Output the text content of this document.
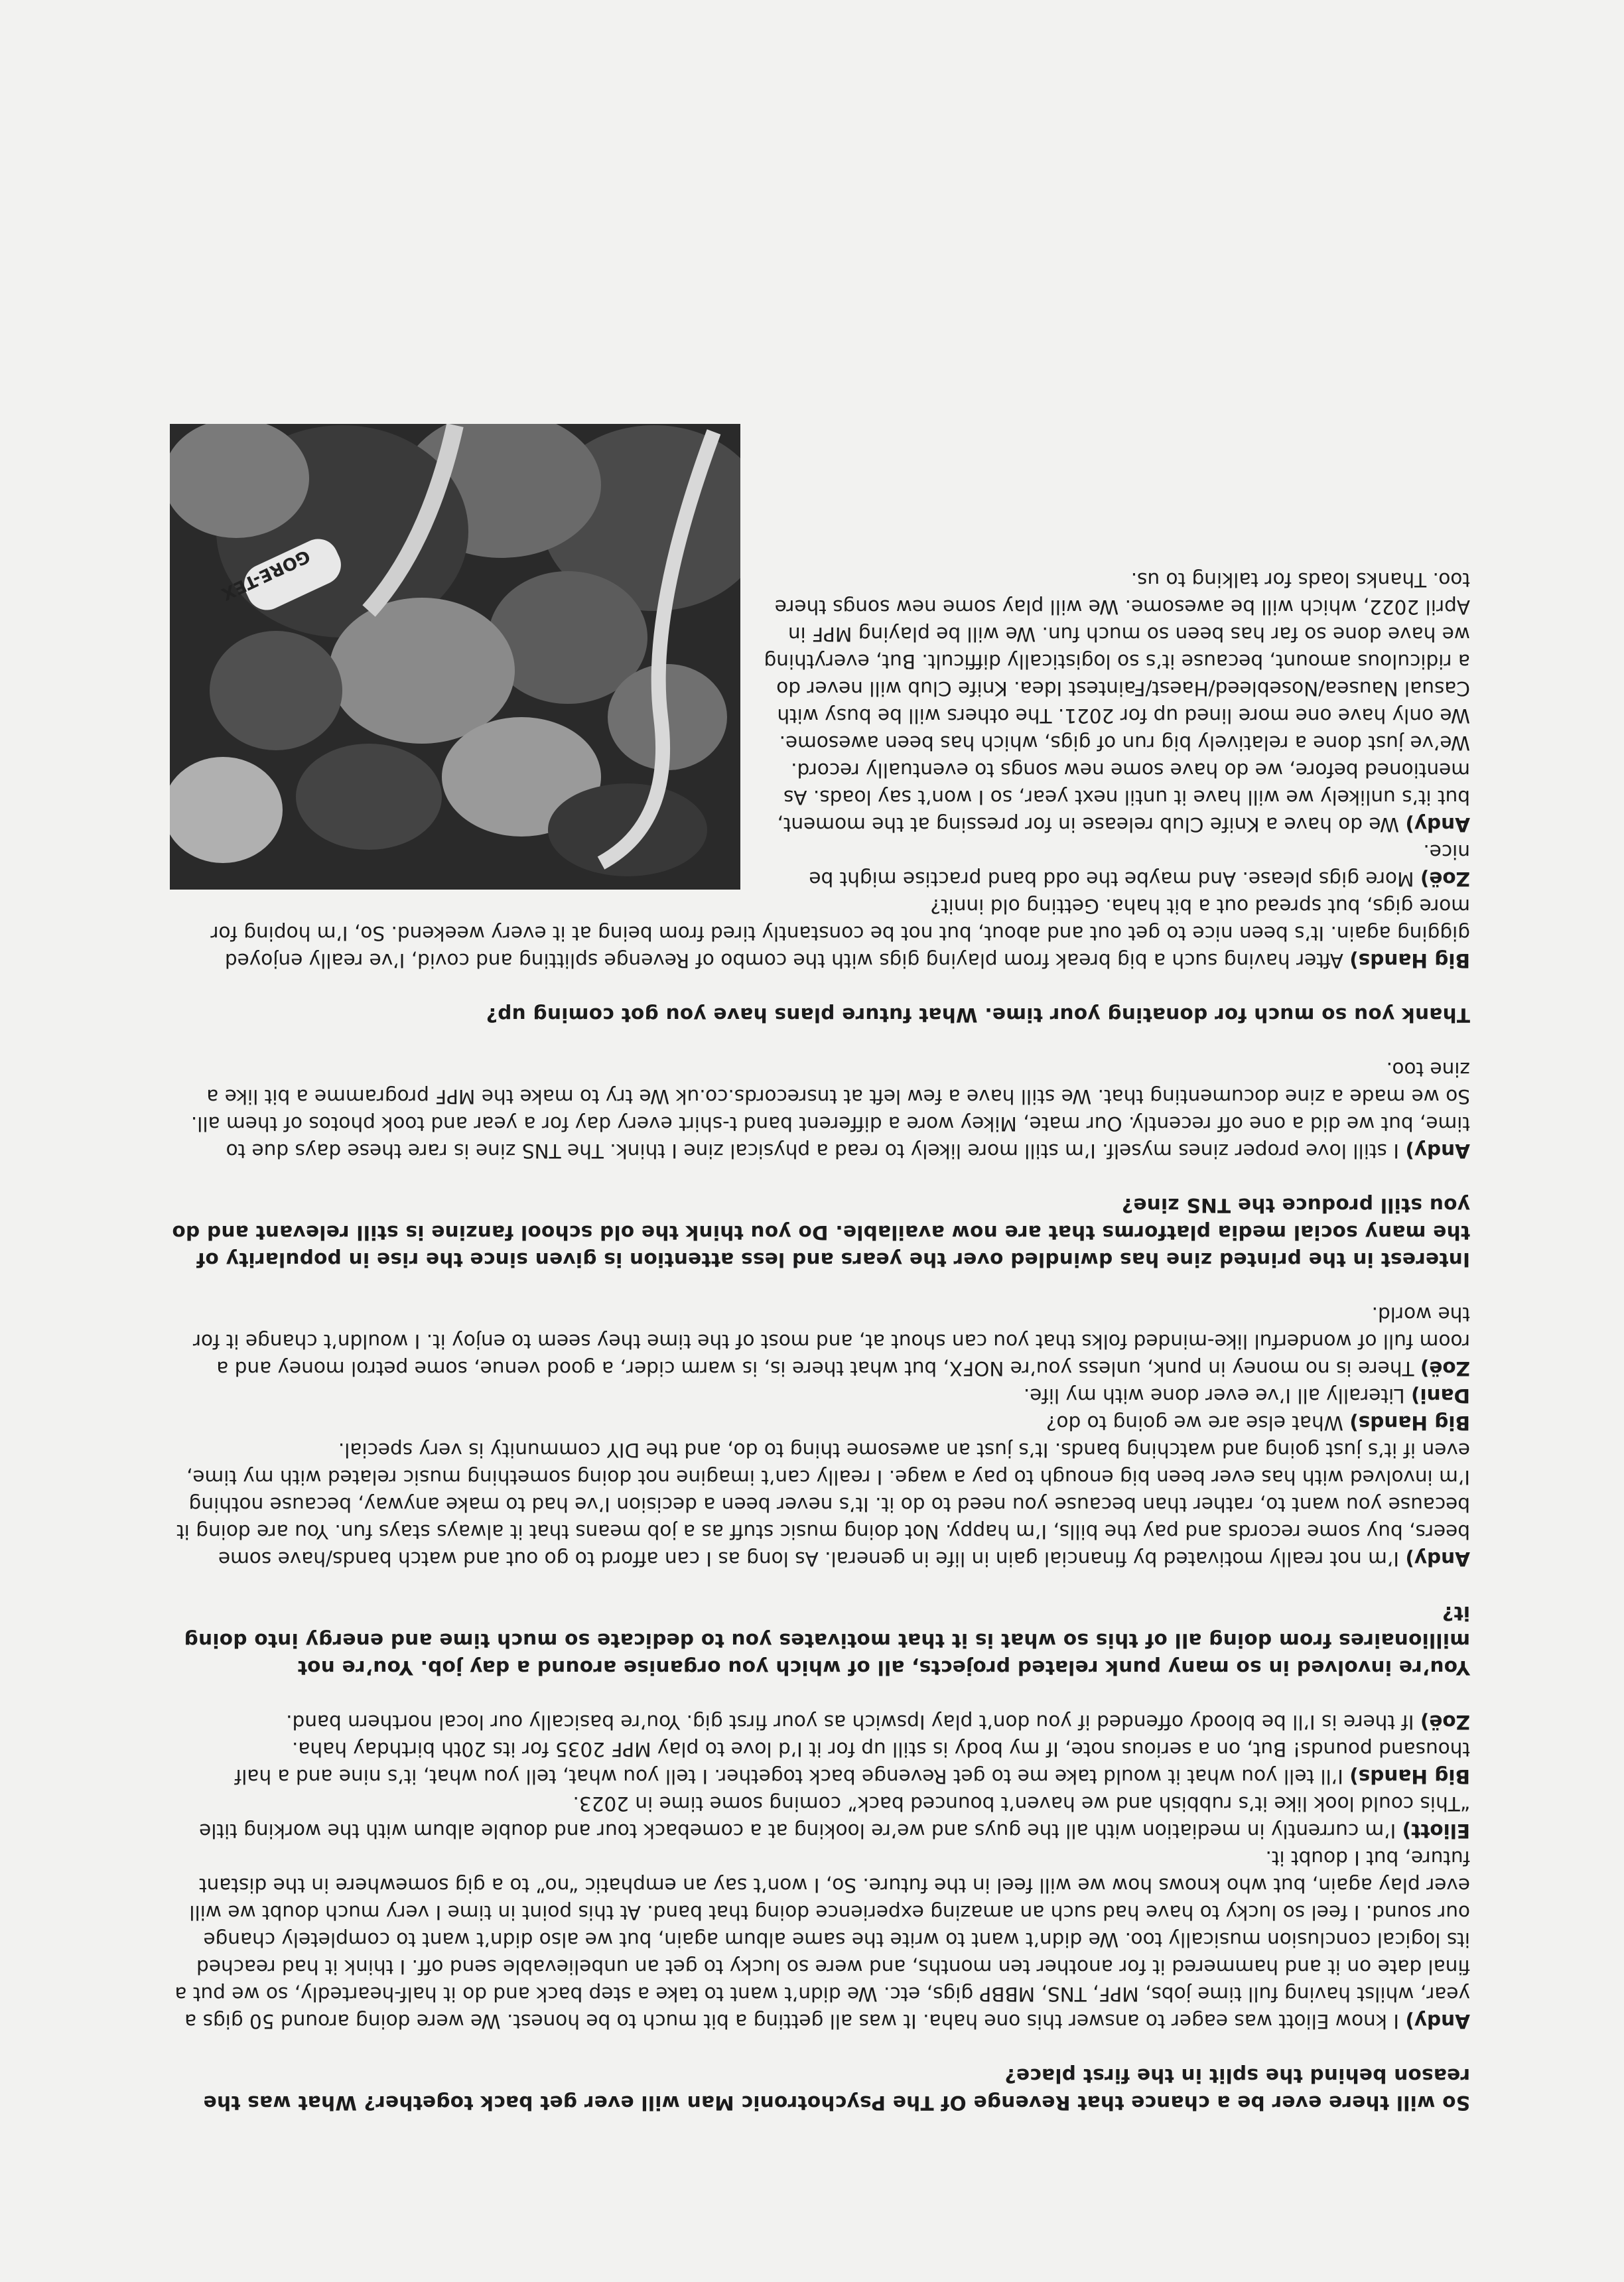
So will there ever be a chance that Revenge Of The Psychotronic Man will ever get back together? What was the reason behind the split in the first place?

Andy) I know Eliott was eager to answer this one haha. It was all getting a bit much to be honest. We were doing around 50 gigs a year, whilst having full time jobs, MPF, TNS, MBBP gigs, etc. We didn’t want to take a step back and do it half-heartedly, so we put a final date on it and hammered it for another ten months, and were so lucky to get an unbelievable send off. I think it had reached its logical conclusion musically too. We didn’t want to write the same album again, but we also didn’t want to completely change our sound. I feel so lucky to have had such an amazing experience doing that band. At this point in time I very much doubt we will ever play again, but who knows how we will feel in the future. So, I won’t say an emphatic “no” to a gig somewhere in the distant future, but I doubt it.

Eliott) I’m currently in mediation with all the guys and we’re looking at a comeback tour and double album with the working title “This could look like it’s rubbish and we haven’t bounced back” coming some time in 2023.

Big Hands) I’ll tell you what it would take me to get Revenge back together. I tell you what, tell you what, it’s nine and a half thousand pounds! But, on a serious note, If my body is still up for it I’d love to play MPF 2035 for its 20th birthday haha.

Zoë) If there is I’ll be bloody offended if you don’t play Ipswich as your first gig. You’re basically our local northern band.

You’re involved in so many punk related projects, all of which you organise around a day job. You’re not millionaires from doing all of this so what is it that motivates you to dedicate so much time and energy into doing it?

Andy) I’m not really motivated by financial gain in life in general. As long as I can afford to go out and watch bands/have some beers, buy some records and pay the bills, I’m happy. Not doing music stuff as a job means that it always stays fun. You are doing it because you want to, rather than because you need to do it. It’s never been a decision I’ve had to make anyway, because nothing I’m involved with has ever been big enough to pay a wage. I really can’t imagine not doing something music related with my time, even if it’s just going and watching bands. It’s just an awesome thing to do, and the DIY community is very special.

Big Hands) What else are we going to do?

Dani) Literally all I’ve ever done with my life.

Zoë) There is no money in punk, unless you’re NOFX, but what there is, is warm cider, a good venue, some petrol money and a room full of wonderful like-minded folks that you can shout at, and most of the time they seem to enjoy it. I wouldn’t change it for the world.

Interest in the printed zine has dwindled over the years and less attention is given since the rise in popularity of the many social media platforms that are now available. Do you think the old school fanzine is still relevant and do you still produce the TNS zine?

Andy) I still love proper zines myself. I’m still more likely to read a physical zine I think. The TNS zine is rare these days due to time, but we did a one off recently. Our mate, Mikey wore a different band t-shirt every day for a year and took photos of them all. So we made a zine documenting that. We still have a few left at tnsrecords.co.uk We try to make the MPF programme a bit like a zine too.

Thank you so much for donating your time. What future plans have you got coming up?

Big Hands) After having such a big break from playing gigs with the combo of Revenge splitting and covid, I’ve really enjoyed gigging again. It’s been nice to get out and about, but not be constantly tired from being at it every weekend. So, I’m hoping for more gigs, but spread out a bit haha. Getting old innit?

GORE-TEX

Zoë) More gigs please. And maybe the odd band practise might be nice.

Andy) We do have a Knife Club release in for pressing at the moment, but it’s unlikely we will have it until next year, so I won’t say loads. As mentioned before, we do have some new songs to eventually record. We’ve just done a relatively big run of gigs, which has been awesome. We only have one more lined up for 2021. The others will be busy with Casual Nausea/Nosebleed/Haest/Faintest Idea. Knife Club will never do a ridiculous amount, because it’s so logistically difficult. But, everything we have done so far has been so much fun. We will be playing MPF in April 2022, which will be awesome. We will play some new songs there too. Thanks loads for talking to us.
